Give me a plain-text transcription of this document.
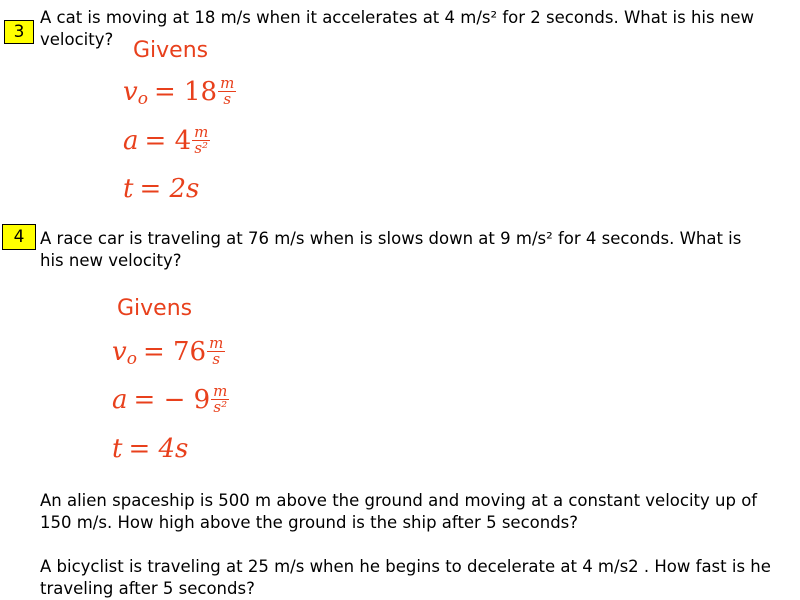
3
A cat is moving at 18 m/s when it accelerates at 4 m/s² for 2 seconds. What is his new velocity? Givens
v $o = 18 \frac{m}{s}$
$a = 4 \frac{m}{\text{s²}}$
t = 2s
4 A race car is traveling at 76 m/s when is slows down at 9 m/s² for 4 seconds. What is his new velocity?
Givens
v $o = 76 \frac{m}{s}$
a = − $9 \frac{m}{\text{s²}}$
t = 4s
An alien spaceship is 500 m above the ground and moving at a constant velocity up of 150 m/s. How high above the ground is the ship after 5 seconds?
A bicyclist is traveling at 25 m/s when he begins to decelerate at 4 m/s2 . How fast is he traveling after 5 seconds?
